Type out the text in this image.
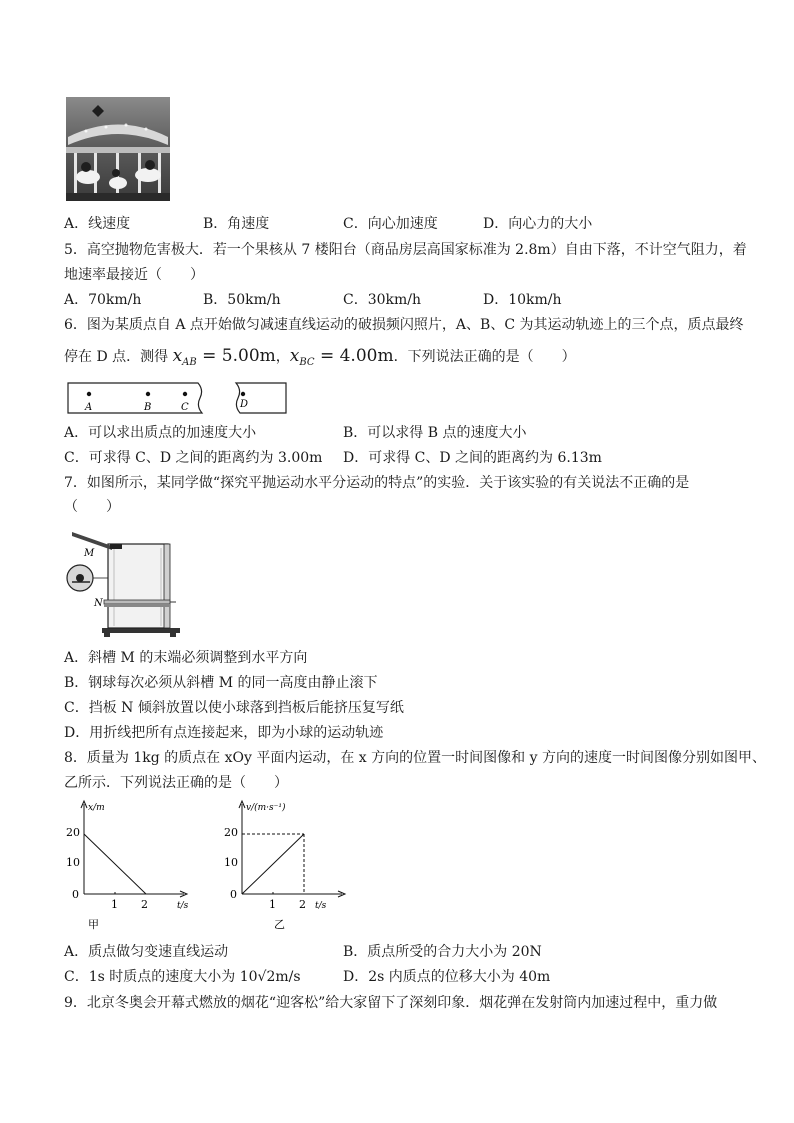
A．线速度	B．角速度	C．向心加速度	D．向心力的大小
5．高空抛物危害极大．若一个果核从 7 楼阳台（商品房层高国家标准为 2.8m）自由下落，不计空气阻力，着
地速率最接近（　　）
A．70km/h	B．50km/h	C．30km/h	D．10km/h
6．图为某质点自 A 点开始做匀减速直线运动的破损频闪照片，A、B、C 为其运动轨迹上的三个点，质点最终
停在 D 点．测得 $x_{AB} = 5.00m$，$x_{BC} = 4.00m$．下列说法正确的是（　　）
A	B	C	D
A．可以求出质点的加速度大小	B．可以求得 B 点的速度大小
C．可求得 C、D 之间的距离约为 3.00m D．可求得 C、D 之间的距离约为 6.13m
7．如图所示，某同学做“探究平抛运动水平分运动的特点”的实验．关于该实验的有关说法不正确的是
（　　）
M
N
A．斜槽 M 的末端必须调整到水平方向
B．钢球每次必须从斜槽 M 的同一高度由静止滚下
C．挡板 N 倾斜放置以使小球落到挡板后能挤压复写纸
D．用折线把所有点连接起来，即为小球的运动轨迹
8．质量为 1kg 的质点在 xOy 平面内运动，在 x 方向的位置一时间图像和 y 方向的速度一时间图像分别如图甲、
乙所示．下列说法正确的是（　　）
x/m
t/s
0
10
20
1 2
甲
v/(m·s⁻¹)
t/s
0
10
20
1 2
乙
A．质点做匀变速直线运动	B．质点所受的合力大小为 20N
C．1s 时质点的速度大小为 10√2m/s	D．2s 内质点的位移大小为 40m
9．北京冬奥会开幕式燃放的烟花“迎客松”给大家留下了深刻印象．烟花弹在发射筒内加速过程中，重力做
